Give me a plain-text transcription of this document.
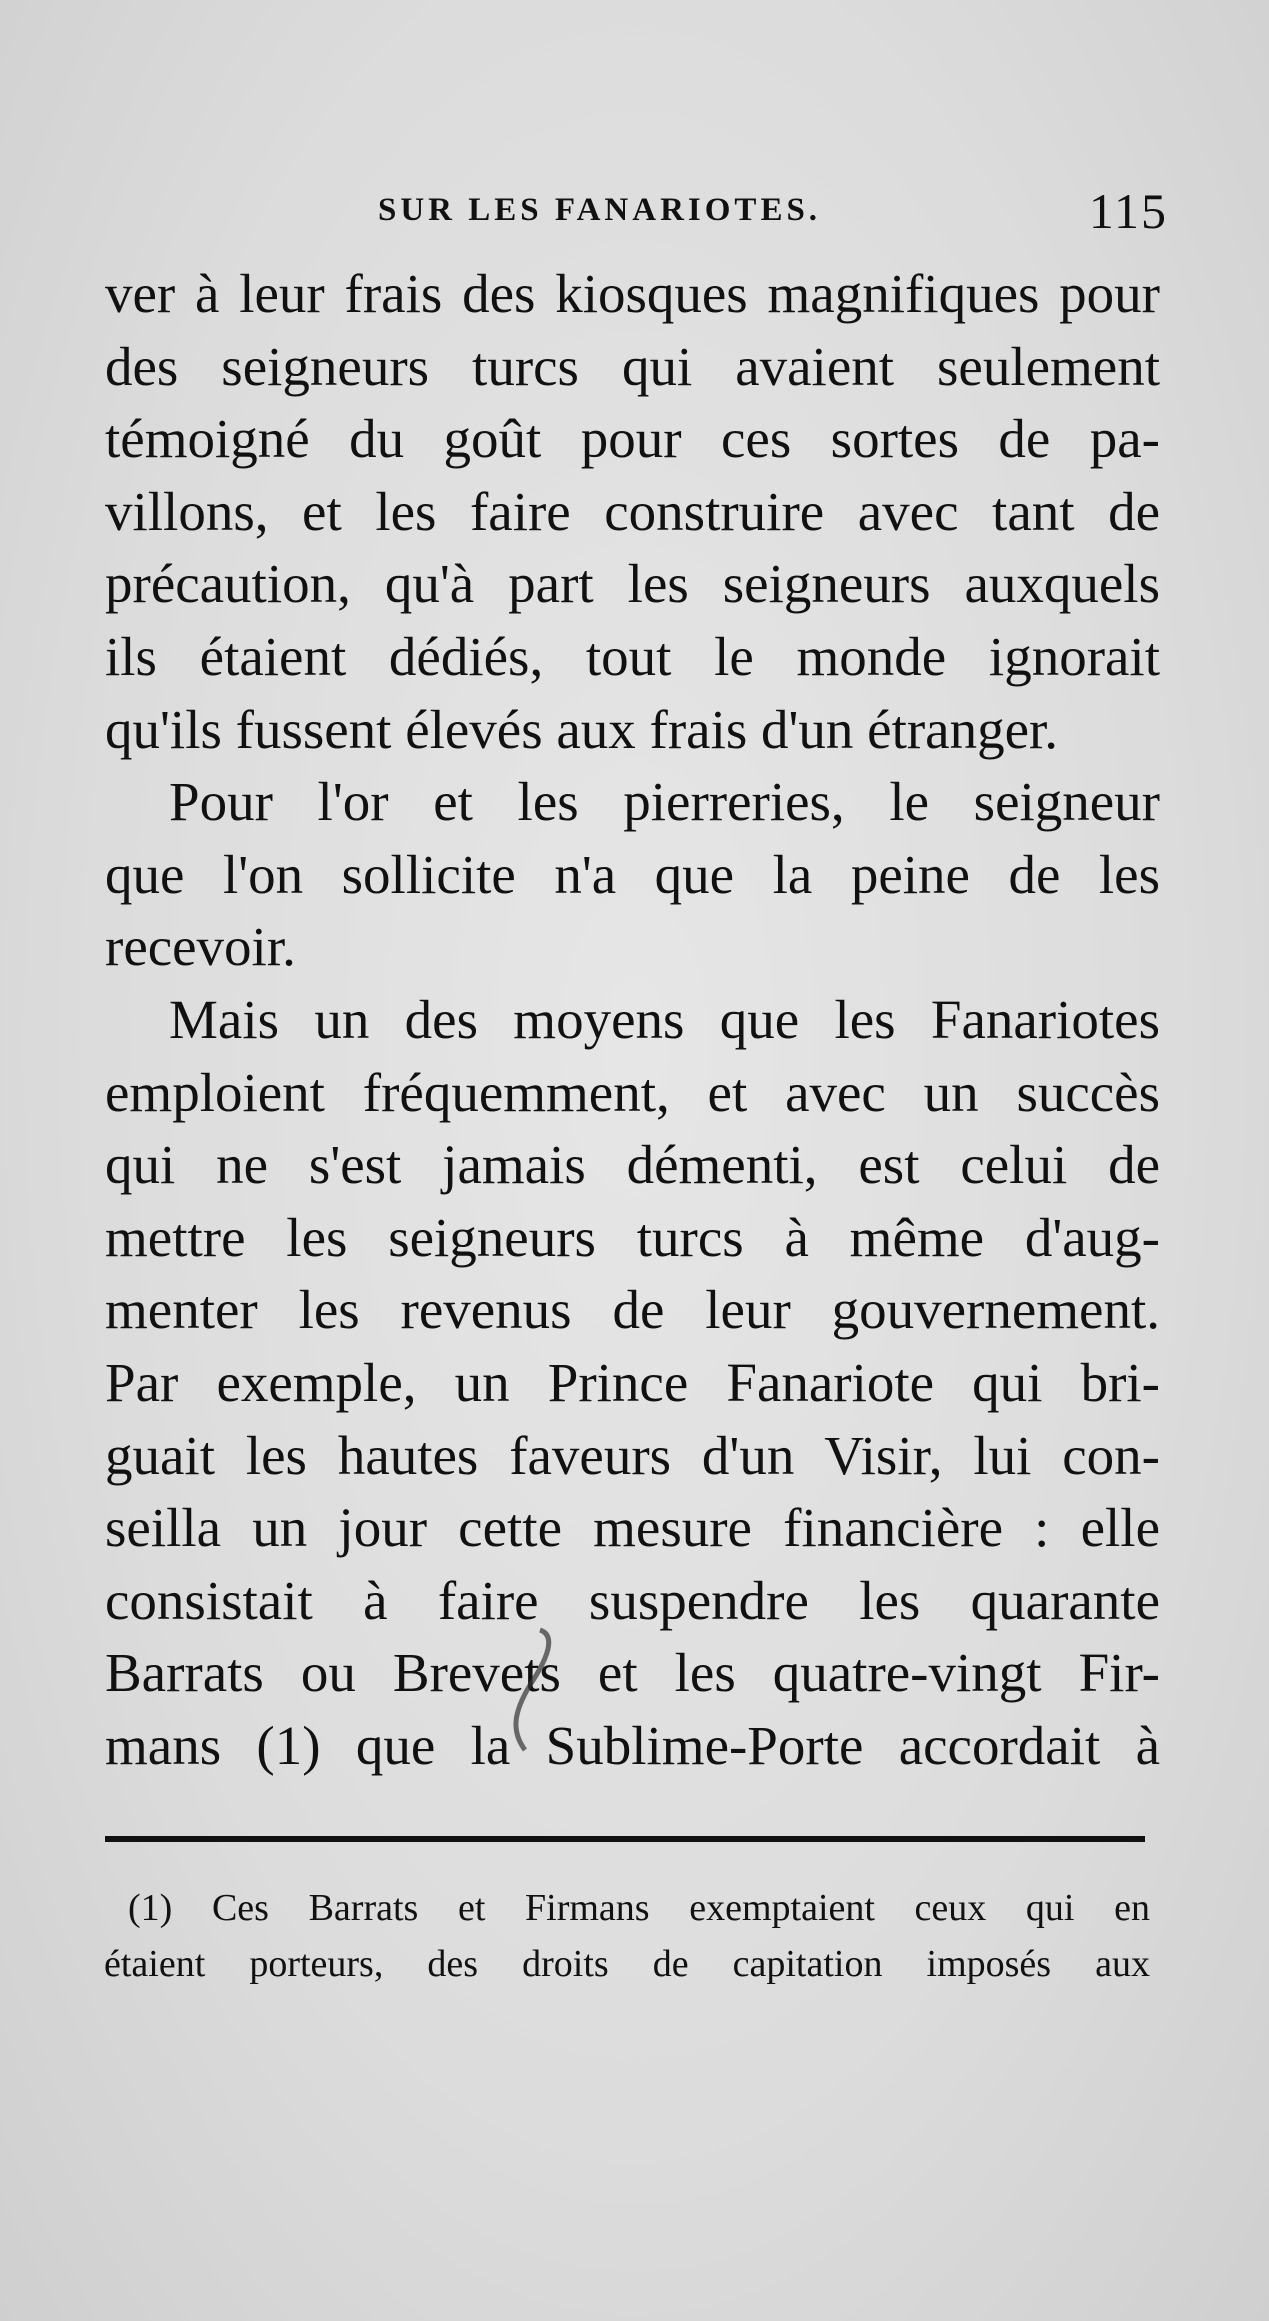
SUR LES FANARIOTES.	115
ver à leur frais des kiosques magnifiques pour
des seigneurs turcs qui avaient seulement
témoigné du goût pour ces sortes de pa-
villons, et les faire construire avec tant de
précaution, qu'à part les seigneurs auxquels
ils étaient dédiés, tout le monde ignorait
qu'ils fussent élevés aux frais d'un étranger.
Pour l'or et les pierreries, le seigneur
que l'on sollicite n'a que la peine de les
recevoir.
Mais un des moyens que les Fanariotes
emploient fréquemment, et avec un succès
qui ne s'est jamais démenti, est celui de
mettre les seigneurs turcs à même d'aug-
menter les revenus de leur gouvernement.
Par exemple, un Prince Fanariote qui bri-
guait les hautes faveurs d'un Visir, lui con-
seilla un jour cette mesure financière : elle
consistait à faire suspendre les quarante
Barrats ou Brevets et les quatre-vingt Fir-
mans (1) que la Sublime-Porte accordait à
(1) Ces Barrats et Firmans exemptaient ceux qui en
étaient porteurs, des droits de capitation imposés aux
